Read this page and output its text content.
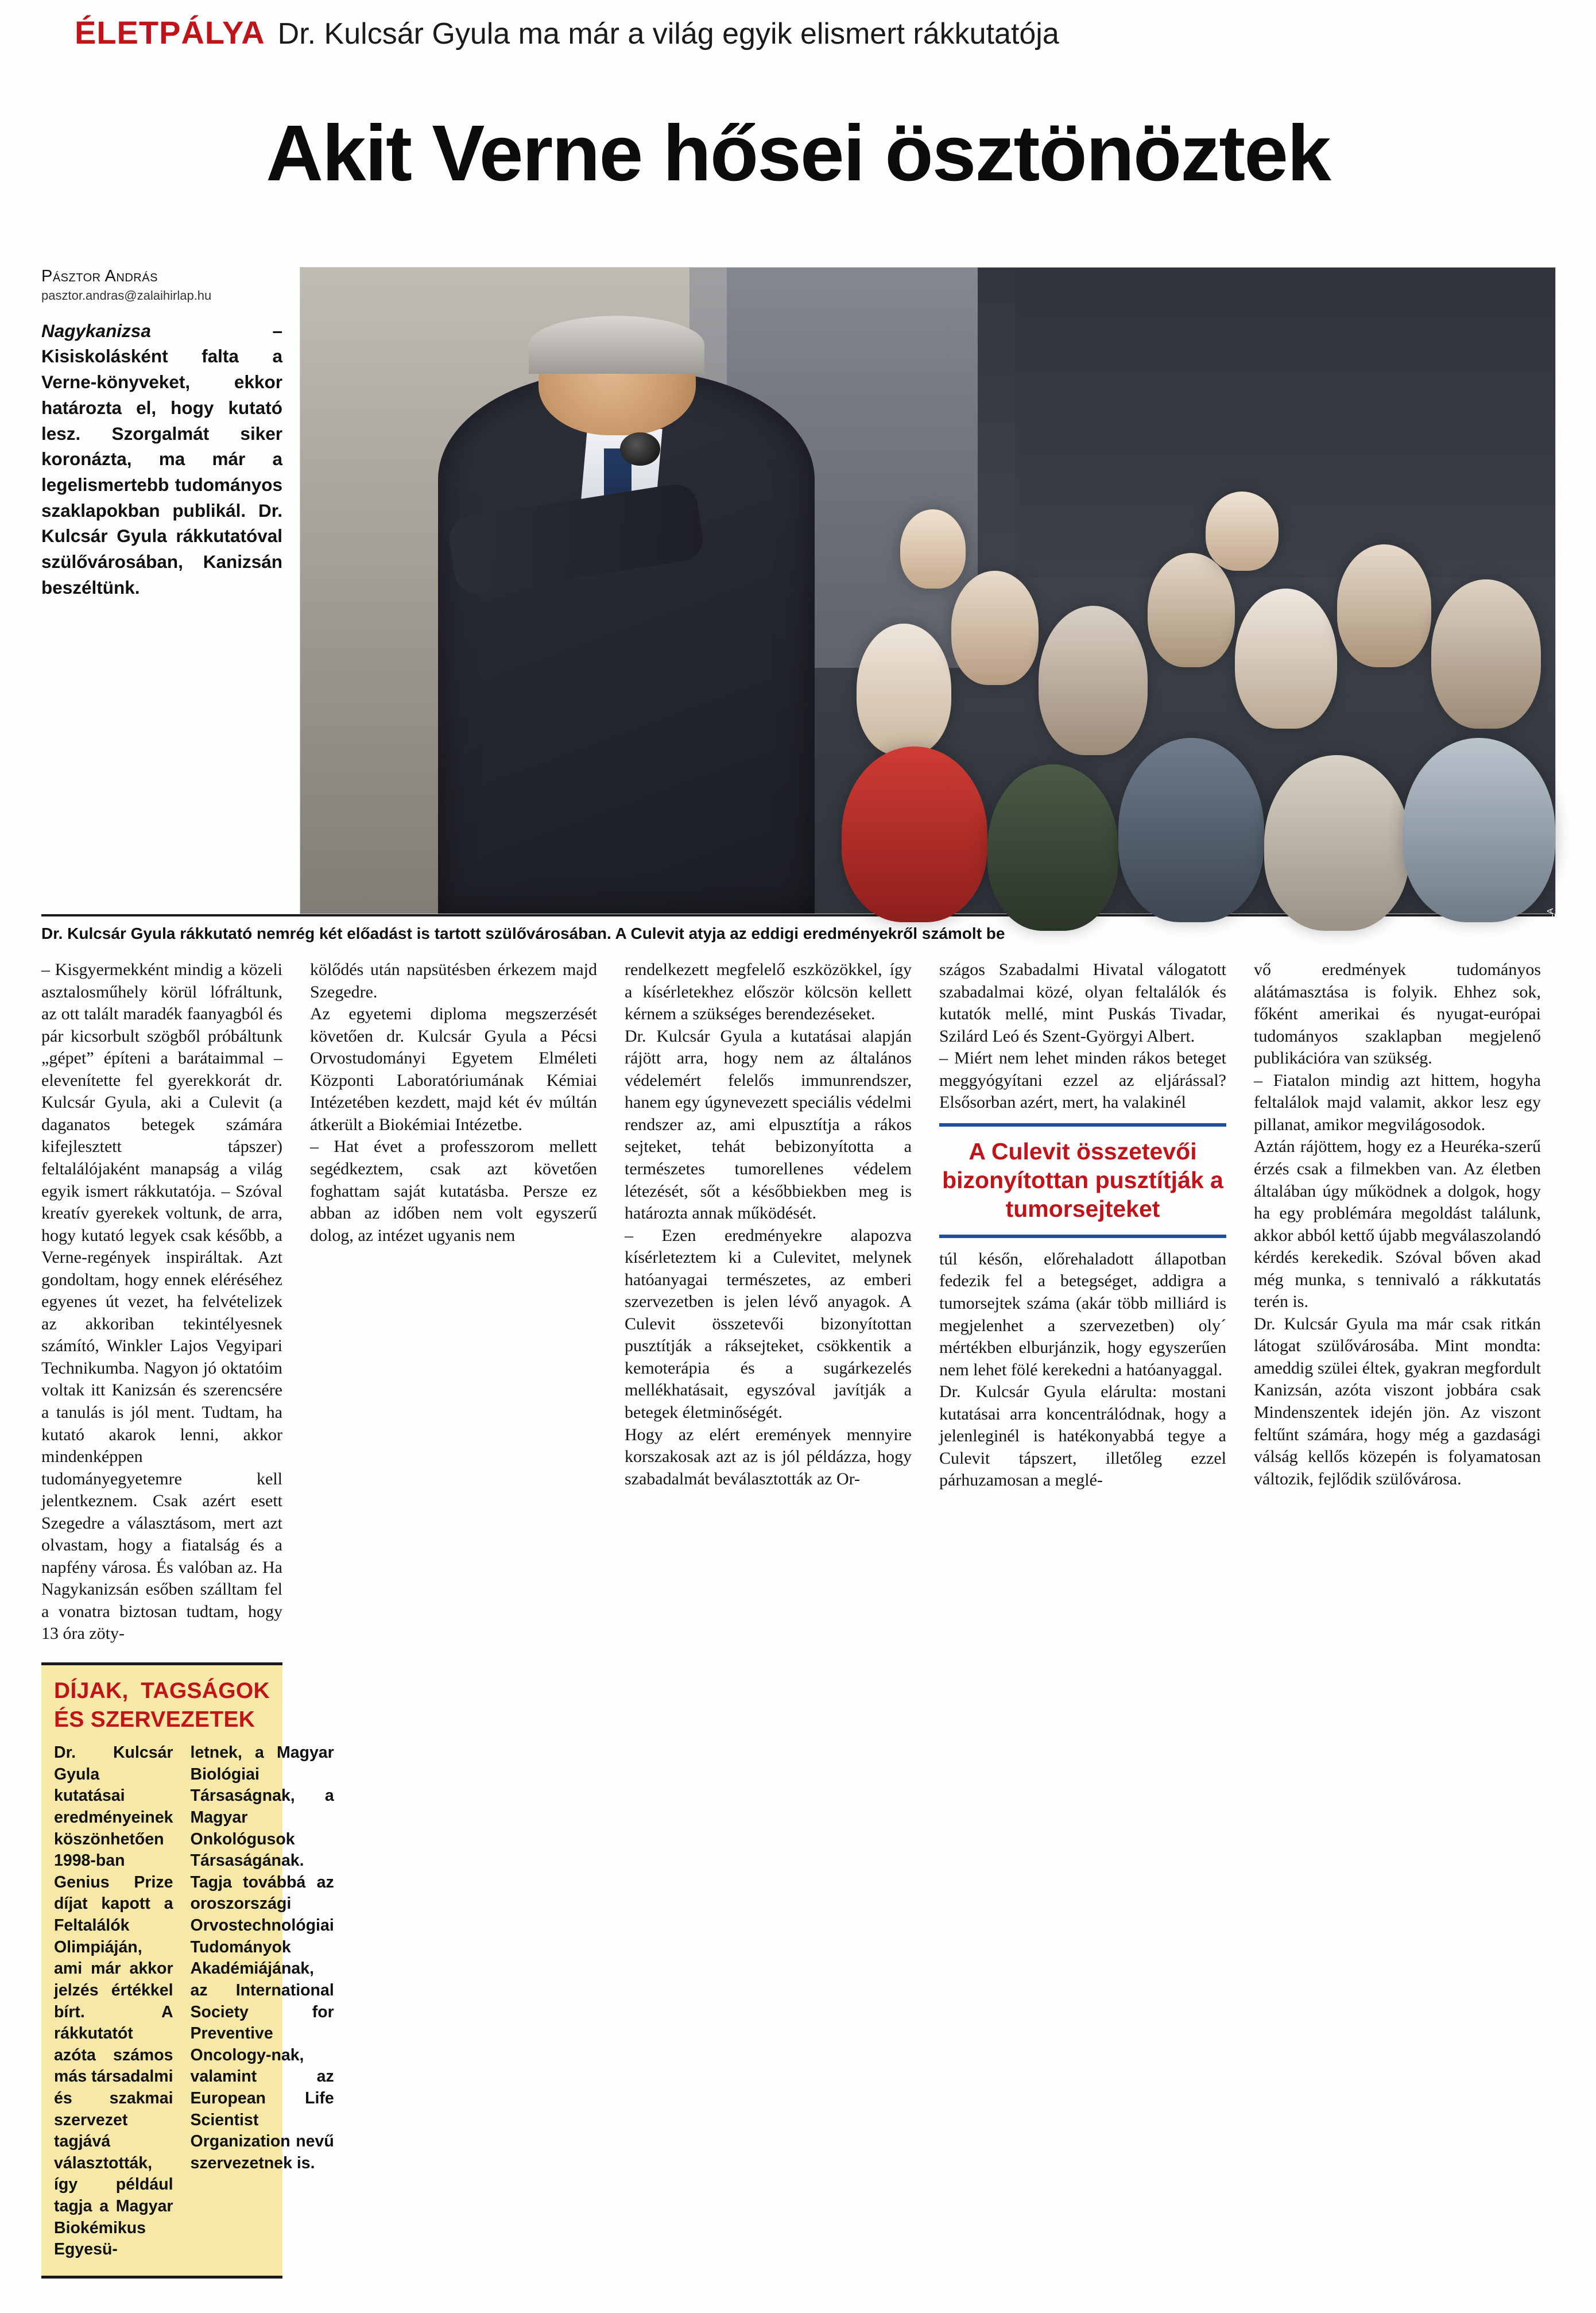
ÉLETPÁLYA Dr. Kulcsár Gyula ma már a világ egyik elismert rákkutatója
Akit Verne hősei ösztönöztek
Pásztor András
pasztor.andras@zalaihirlap.hu
Nagykanizsa – Kisiskolásként falta a Verne-könyveket, ekkor határozta el, hogy kutató lesz. Szorgalmát siker koronázta, ma már a legelismertebb tudományos szaklapokban publikál. Dr. Kulcsár Gyula rákkutatóval szülővárosában, Kanizsán beszéltünk.
Fotó: Szakony Attila
Dr. Kulcsár Gyula rákkutató nemrég két előadást is tartott szülővárosában. A Culevit atyja az eddigi eredményekről számolt be

– Kisgyermekként mindig a közeli asztalosműhely körül lófráltunk, az ott talált maradék faanyagból és pár kicsorbult szögből próbáltunk „gépet” építeni a barátaimmal – elevenítette fel gyerekkorát dr. Kulcsár Gyula, aki a Culevit (a daganatos betegek számára kifejlesztett tápszer) feltalálójaként manapság a világ egyik ismert rákkutatója. – Szóval kreatív gyerekek voltunk, de arra, hogy kutató legyek csak később, a Verne-regények inspiráltak. Azt gondoltam, hogy ennek eléréséhez egyenes út vezet, ha felvételizek az akkoriban tekintélyesnek számító, Winkler Lajos Vegyipari Technikumba. Nagyon jó oktatóim voltak itt Kanizsán és szerencsére a tanulás is jól ment. Tudtam, ha kutató akarok lenni, akkor mindenképpen tudományegyetemre kell jelentkeznem. Csak azért esett Szegedre a választásom, mert azt olvastam, hogy a fiatalság és a napfény városa. És valóban az. Ha Nagykanizsán esőben szálltam fel a vonatra biztosan tudtam, hogy 13 óra zöty-

DÍJAK, TAGSÁGOK ÉS SZERVEZETEK

Dr. Kulcsár Gyula kutatásai eredményeinek köszönhetően 1998-ban Genius Prize díjat kapott a Feltalálók Olimpiáján, ami már akkor jelzés értékkel bírt. A rákkutatót azóta számos más társadalmi és szakmai szervezet tagjává választották, így például tagja a Magyar Biokémikus Egyesü-

letnek, a Magyar Biológiai Társaságnak, a Magyar Onkológusok Társaságának. Tagja továbbá az oroszországi Orvostechnológiai Tudományok Akadémiájának, az International Society for Preventive Oncology-nak, valamint az European Life Scientist Organization nevű szervezetnek is.

kölődés után napsütésben érkezem majd Szegedre.

Az egyetemi diploma megszerzését követően dr. Kulcsár Gyula a Pécsi Orvostudományi Egyetem Elméleti Központi Laboratóriumának Kémiai Intézetében kezdett, majd két év múltán átkerült a Biokémiai Intézetbe.

– Hat évet a professzorom mellett segédkeztem, csak azt követően foghattam saját kutatásba. Persze ez abban az időben nem volt egyszerű dolog, az intézet ugyanis nem

rendelkezett megfelelő eszközökkel, így a kísérletekhez először kölcsön kellett kérnem a szükséges berendezéseket.

Dr. Kulcsár Gyula a kutatásai alapján rájött arra, hogy nem az általános védelemért felelős immunrendszer, hanem egy úgynevezett speciális védelmi rendszer az, ami elpusztítja a rákos sejteket, tehát bebizonyította a természetes tumorellenes védelem létezését, sőt a későbbiekben meg is határozta annak működését.

– Ezen eredményekre alapozva kísérleteztem ki a Culevitet, melynek hatóanyagai természetes, az emberi szervezetben is jelen lévő anyagok. A Culevit összetevői bizonyítottan pusztítják a ráksejteket, csökkentik a kemoterápia és a sugárkezelés mellékhatásait, egyszóval javítják a betegek életminőségét.

Hogy az elért eremények mennyire korszakosak azt az is jól példázza, hogy szabadalmát beválasztották az Or-

szágos Szabadalmi Hivatal válogatott szabadalmai közé, olyan feltalálók és kutatók mellé, mint Puskás Tivadar, Szilárd Leó és Szent-Györgyi Albert.

– Miért nem lehet minden rákos beteget meggyógyítani ezzel az eljárással? Elsősorban azért, mert, ha valakinél

A Culevit összetevői bizonyítottan pusztítják a tumorsejteket

túl későn, előrehaladott állapotban fedezik fel a betegséget, addigra a tumorsejtek száma (akár több milliárd is megjelenhet a szervezetben) oly´ mértékben elburjánzik, hogy egyszerűen nem lehet fölé kerekedni a hatóanyaggal.

Dr. Kulcsár Gyula elárulta: mostani kutatásai arra koncentrálódnak, hogy a jelenleginél is hatékonyabbá tegye a Culevit tápszert, illetőleg ezzel párhuzamosan a meglé-

vő eredmények tudományos alátámasztása is folyik. Ehhez sok, főként amerikai és nyugat-európai tudományos szaklapban megjelenő publikációra van szükség.

– Fiatalon mindig azt hittem, hogyha feltalálok majd valamit, akkor lesz egy pillanat, amikor megvilágosodok.

Aztán rájöttem, hogy ez a Heuréka-szerű érzés csak a filmekben van. Az életben általában úgy működnek a dolgok, hogy ha egy problémára megoldást találunk, akkor abból kettő újabb megválaszolandó kérdés kerekedik. Szóval bőven akad még munka, s tennivaló a rákkutatás terén is.

Dr. Kulcsár Gyula ma már csak ritkán látogat szülővárosába. Mint mondta: ameddig szülei éltek, gyakran megfordult Kanizsán, azóta viszont jobbára csak Mindenszentek idején jön. Az viszont feltűnt számára, hogy még a gazdasági válság kellős közepén is folyamatosan változik, fejlődik szülővárosa.
